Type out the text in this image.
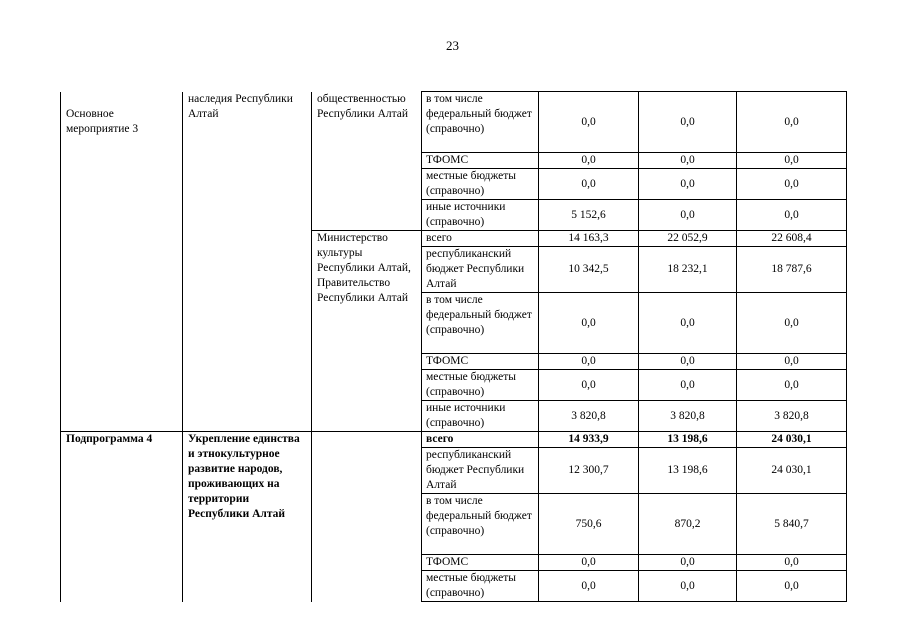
23

Основное мероприятие 3	наследия Республики Алтай	общественностью Республики Алтай	в том числе федеральный бюджет (справочно)	0,0	0,0	0,0
			ТФОМС	0,0	0,0	0,0
			местные бюджеты (справочно)	0,0	0,0	0,0
			иные источники (справочно)	5 152,6	0,0	0,0
		Министерство культуры Республики Алтай, Правительство Республики Алтай	всего	14 163,3	22 052,9	22 608,4
			республиканский бюджет Республики Алтай	10 342,5	18 232,1	18 787,6
			в том числе федеральный бюджет (справочно)	0,0	0,0	0,0
			ТФОМС	0,0	0,0	0,0
			местные бюджеты (справочно)	0,0	0,0	0,0
			иные источники (справочно)	3 820,8	3 820,8	3 820,8
Подпрограмма 4	Укрепление единства и этнокультурное развитие народов, проживающих на территории Республики Алтай		всего	14 933,9	13 198,6	24 030,1
			республиканский бюджет Республики Алтай	12 300,7	13 198,6	24 030,1
			в том числе федеральный бюджет (справочно)	750,6	870,2	5 840,7
			ТФОМС	0,0	0,0	0,0
			местные бюджеты (справочно)	0,0	0,0	0,0
